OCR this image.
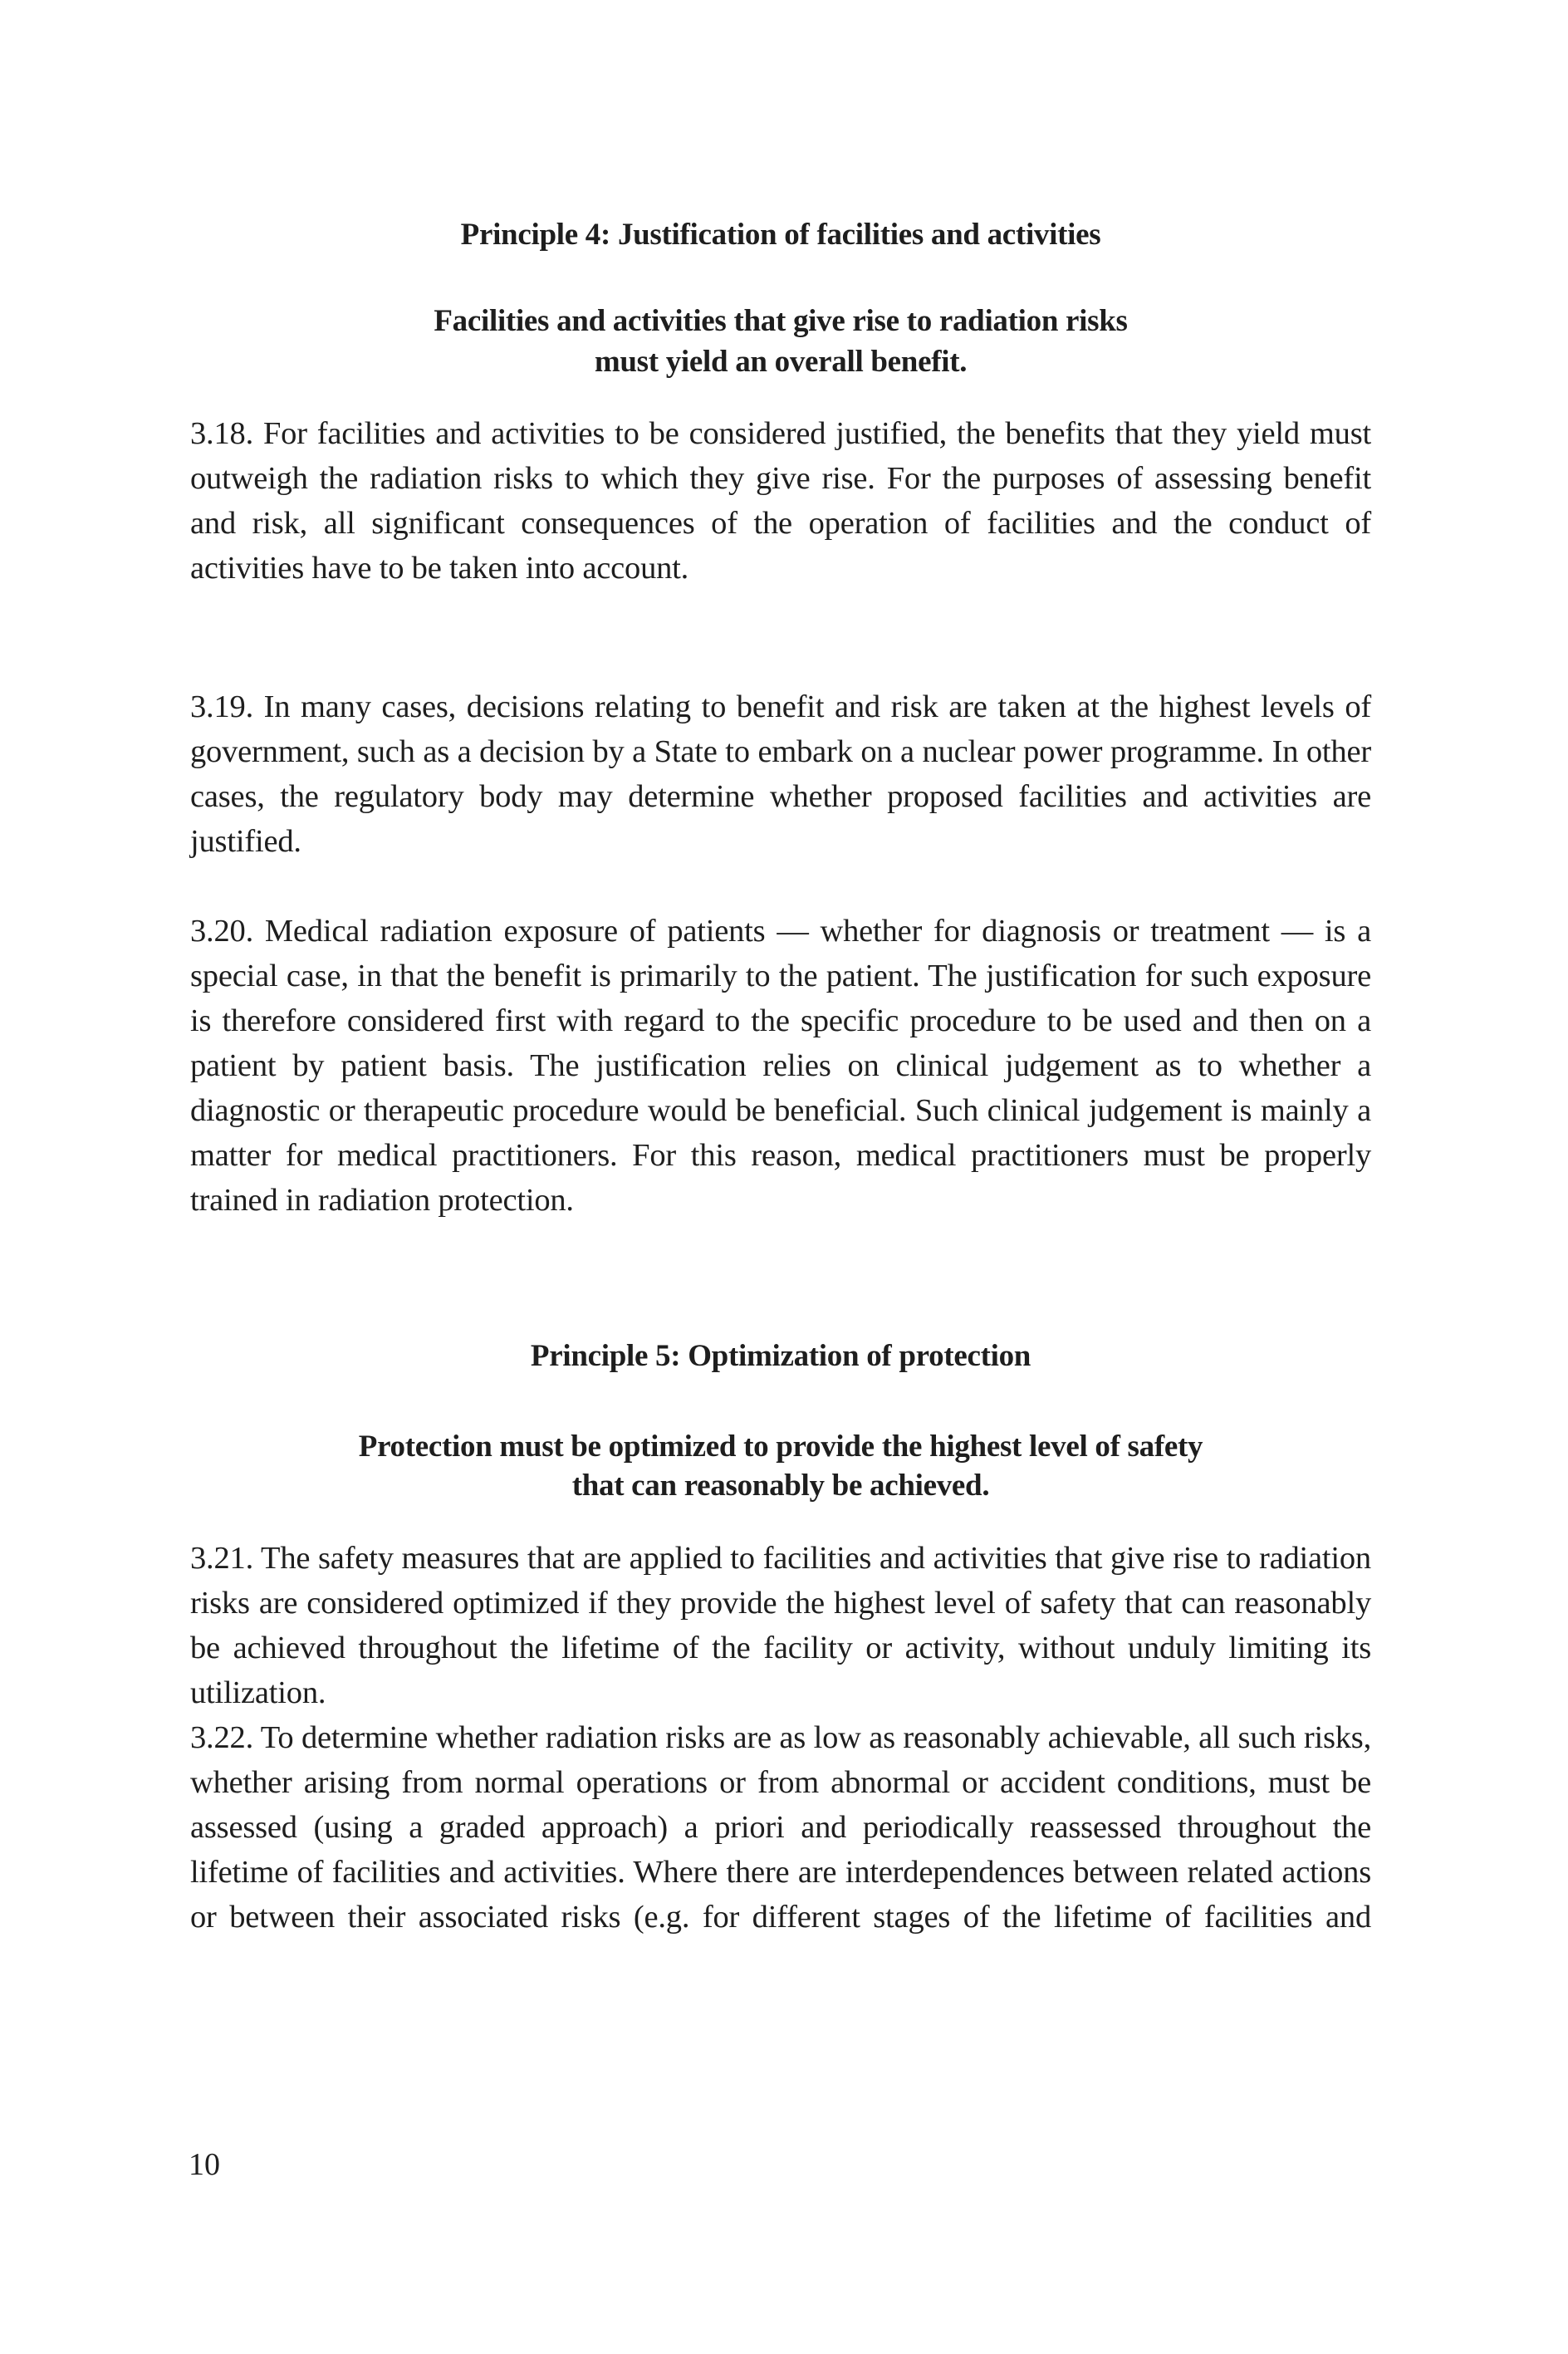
Principle 4: Justification of facilities and activities
Facilities and activities that give rise to radiation risks
must yield an overall benefit.

3.18. For facilities and activities to be considered justified, the benefits that they yield must outweigh the radiation risks to which they give rise. For the purposes of assessing benefit and risk, all significant consequences of the operation of facilities and the conduct of activities have to be taken into account.

3.19. In many cases, decisions relating to benefit and risk are taken at the highest levels of government, such as a decision by a State to embark on a nuclear power programme. In other cases, the regulatory body may determine whether proposed facilities and activities are justified.

3.20. Medical radiation exposure of patients — whether for diagnosis or treatment — is a special case, in that the benefit is primarily to the patient. The justification for such exposure is therefore considered first with regard to the specific procedure to be used and then on a patient by patient basis. The justification relies on clinical judgement as to whether a diagnostic or therapeutic procedure would be beneficial. Such clinical judgement is mainly a matter for medical practitioners. For this reason, medical practitioners must be properly trained in radiation protection.

Principle 5: Optimization of protection
Protection must be optimized to provide the highest level of safety
that can reasonably be achieved.

3.21. The safety measures that are applied to facilities and activities that give rise to radiation risks are considered optimized if they provide the highest level of safety that can reasonably be achieved throughout the lifetime of the facility or activity, without unduly limiting its utilization.

3.22. To determine whether radiation risks are as low as reasonably achievable, all such risks, whether arising from normal operations or from abnormal or accident conditions, must be assessed (using a graded approach) a priori and periodically reassessed throughout the lifetime of facilities and activities. Where there are interdependences between related actions or between their associated risks (e.g. for different stages of the lifetime of facilities and

10
